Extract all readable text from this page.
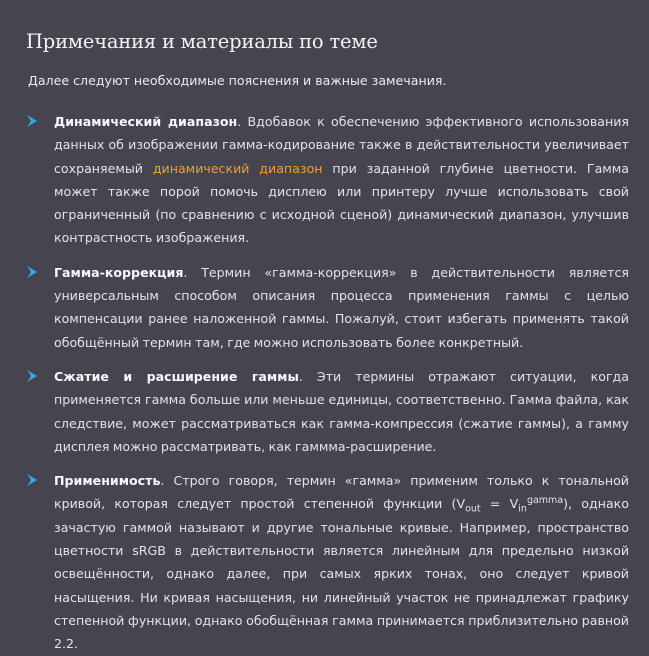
Примечания и материалы по теме

Далее следуют необходимые пояснения и важные замечания.

Динамический диапазон. Вдобавок к обеспечению эффективного использования данных об изображении гамма-кодирование также в действительности увеличивает сохраняемый динамический диапазон при заданной глубине цветности. Гамма может также порой помочь дисплею или принтеру лучше использовать свой ограниченный (по сравнению с исходной сценой) динамический диапазон, улучшив контрастность изображения.
Гамма-коррекция. Термин «гамма-коррекция» в действительности является универсальным способом описания процесса применения гаммы с целью компенсации ранее наложенной гаммы. Пожалуй, стоит избегать применять такой обобщённый термин там, где можно использовать более конкретный.
Сжатие и расширение гаммы. Эти термины отражают ситуации, когда применяется гамма больше или меньше единицы, соответственно. Гамма файла, как следствие, может рассматриваться как гамма-компрессия (сжатие гаммы), а гамму дисплея можно рассматривать, как гаммма-расширение.
Применимость. Строго говоря, термин «гамма» применим только к тональной кривой, которая следует простой степенной функции $(V_{out} = V_{in}^{gamma})$, однако зачастую гаммой называют и другие тональные кривые. Например, пространство цветности sRGB в действительности является линейным для предельно низкой освещённости, однако далее, при самых ярких тонах, оно следует кривой насыщения. Ни кривая насыщения, ни линейный участок не принадлежат графику степенной функции, однако обобщённая гамма принимается приблизительно равной 2.2.
